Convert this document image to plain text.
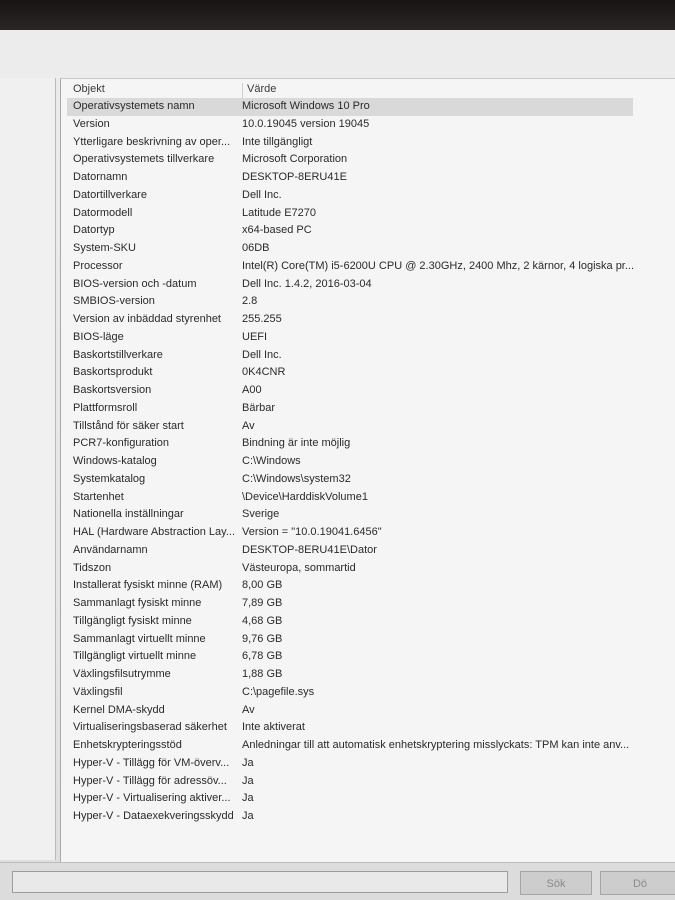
Objekt	Värde
Operativsystemets namn	Microsoft Windows 10 Pro
Version	10.0.19045 version 19045
Ytterligare beskrivning av oper...	Inte tillgängligt
Operativsystemets tillverkare	Microsoft Corporation
Datornamn	DESKTOP-8ERU41E
Datortillverkare	Dell Inc.
Datormodell	Latitude E7270
Datortyp	x64-based PC
System-SKU	06DB
Processor	Intel(R) Core(TM) i5-6200U CPU @ 2.30GHz, 2400 Mhz, 2 kärnor, 4 logiska pr...
BIOS-version och -datum	Dell Inc. 1.4.2, 2016-03-04
SMBIOS-version	2.8
Version av inbäddad styrenhet	255.255
BIOS-läge	UEFI
Baskortstillverkare	Dell Inc.
Baskortsprodukt	0K4CNR
Baskortsversion	A00
Plattformsroll	Bärbar
Tillstånd för säker start	Av
PCR7-konfiguration	Bindning är inte möjlig
Windows-katalog	C:\Windows
Systemkatalog	C:\Windows\system32
Startenhet	\Device\HarddiskVolume1
Nationella inställningar	Sverige
HAL (Hardware Abstraction Lay... Version = "10.0.19041.6456"
Användarnamn	DESKTOP-8ERU41E\Dator
Tidszon	Västeuropa, sommartid
Installerat fysiskt minne (RAM)	8,00 GB
Sammanlagt fysiskt minne	7,89 GB
Tillgängligt fysiskt minne	4,68 GB
Sammanlagt virtuellt minne	9,76 GB
Tillgängligt virtuellt minne	6,78 GB
Växlingsfilsutrymme	1,88 GB
Växlingsfil	C:\pagefile.sys
Kernel DMA-skydd	Av
Virtualiseringsbaserad säkerhet	Inte aktiverat
Enhetskrypteringsstöd	Anledningar till att automatisk enhetskryptering misslyckats: TPM kan inte anv...
Hyper-V - Tillägg för VM-överv...	Ja
Hyper-V - Tillägg för adressöv...	Ja
Hyper-V - Virtualisering aktiver...	Ja
Hyper-V - Dataexekveringsskydd Ja
Sök	Dö
